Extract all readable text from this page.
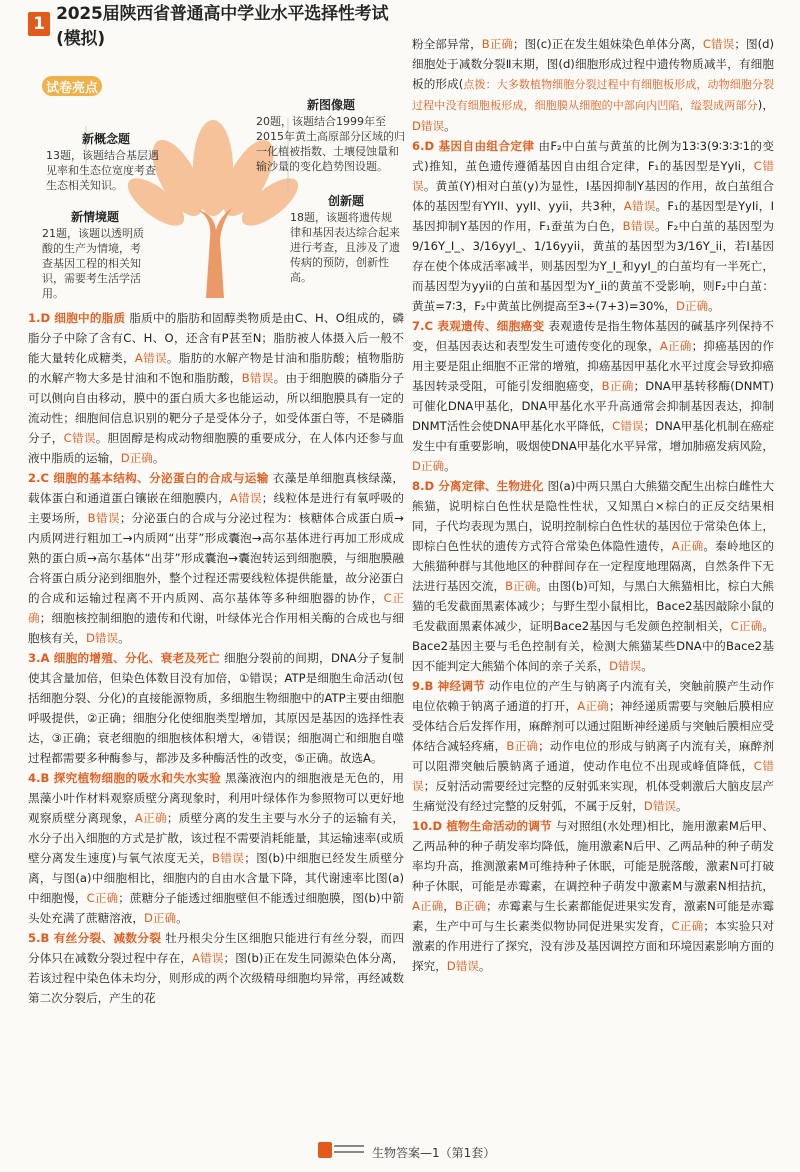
1 2025届陕西省普通高中学业水平选择性考试(模拟)
试卷亮点
新概念题
13题，该题结合基层遇见率和生态位宽度考查生态相关知识。
新情境题
21题，该题以透明质酸的生产为情境，考查基因工程的相关知识，需要考生活学活用。
新图像题
20题，该题结合1999年至2015年黄土高原部分区域的归一化植被指数、土壤侵蚀量和输沙量的变化趋势图设题。
创新题
18题，该题将遗传规律和基因表达综合起来进行考查，且涉及了遗传病的预防，创新性高。
1.D 细胞中的脂质 脂质中的脂肪和固醇类物质是由C、H、O组成的，磷脂分子中除了含有C、H、O，还含有P甚至N；脂肪被人体摄入后一般不能大量转化成糖类，A错误。脂肪的水解产物是甘油和脂肪酸；植物脂肪的水解产物大多是甘油和不饱和脂肪酸，B错误。由于细胞膜的磷脂分子可以侧向自由移动，膜中的蛋白质大多也能运动，所以细胞膜具有一定的流动性；细胞间信息识别的靶分子是受体分子，如受体蛋白等，不是磷脂分子，C错误。胆固醇是构成动物细胞膜的重要成分，在人体内还参与血液中脂质的运输，D正确。
2.C 细胞的基本结构、分泌蛋白的合成与运输 衣藻是单细胞真核绿藻，载体蛋白和通道蛋白镶嵌在细胞膜内，A错误；线粒体是进行有氧呼吸的主要场所，B错误；分泌蛋白的合成与分泌过程为：核糖体合成蛋白质→内质网进行粗加工→内质网“出芽”形成囊泡→高尔基体进行再加工形成成熟的蛋白质→高尔基体“出芽”形成囊泡→囊泡转运到细胞膜，与细胞膜融合将蛋白质分泌到细胞外，整个过程还需要线粒体提供能量，故分泌蛋白的合成和运输过程离不开内质网、高尔基体等多种细胞器的协作，C正确；细胞核控制细胞的遗传和代谢，叶绿体光合作用相关酶的合成也与细胞核有关，D错误。
3.A 细胞的增殖、分化、衰老及死亡 细胞分裂前的间期，DNA分子复制使其含量加倍，但染色体数目没有加倍，①错误；ATP是细胞生命活动(包括细胞分裂、分化)的直接能源物质，多细胞生物细胞中的ATP主要由细胞呼吸提供，②正确；细胞分化使细胞类型增加，其原因是基因的选择性表达，③正确；衰老细胞的细胞核体积增大，④错误；细胞凋亡和细胞自噬过程都需要多种酶参与，都涉及多种酶活性的改变，⑤正确。故选A。
4.B 探究植物细胞的吸水和失水实验 黑藻液泡内的细胞液是无色的，用黑藻小叶作材料观察质壁分离现象时，利用叶绿体作为参照物可以更好地观察质壁分离现象，A正确；质壁分离的发生主要与水分子的运输有关，水分子出入细胞的方式是扩散，该过程不需要消耗能量，其运输速率(或质壁分离发生速度)与氧气浓度无关，B错误；图(b)中细胞已经发生质壁分离，与图(a)中细胞相比，细胞内的自由水含量下降，其代谢速率比图(a)中细胞慢，C正确；蔗糖分子能透过细胞壁但不能透过细胞膜，图(b)中箭头处充满了蔗糖溶液，D正确。
5.B 有丝分裂、减数分裂 牡丹根尖分生区细胞只能进行有丝分裂，而四分体只在减数分裂过程中存在，A错误；图(b)正在发生同源染色体分离，若该过程中染色体未均分，则形成的两个次级精母细胞均异常，再经减数第二次分裂后，产生的花
粉全部异常，B正确；图(c)正在发生姐妹染色单体分离，C错误；图(d)细胞处于减数分裂Ⅱ末期，图(d)细胞形成过程中遗传物质减半，有细胞板的形成(点拨：大多数植物细胞分裂过程中有细胞板形成，动物细胞分裂过程中没有细胞板形成，细胞膜从细胞的中部向内凹陷，缢裂成两部分)，D错误。
6.D 基因自由组合定律 由F₂中白茧与黄茧的比例为13∶3(9∶3∶3∶1的变式)推知，茧色遗传遵循基因自由组合定律，F₁的基因型是YyIi，C错误。黄茧(Y)相对白茧(y)为显性，I基因抑制Y基因的作用，故白茧组合体的基因型有YYII、yyII、yyii，共3种，A错误。F₁的基因型是YyIi，I基因抑制Y基因的作用，F₁蚕茧为白色，B错误。F₂中白茧的基因型为9/16Y_I_、3/16yyI_、1/16yyii，黄茧的基因型为3/16Y_ii，若I基因存在使个体成活率减半，则基因型为Y_I_和yyI_的白茧均有一半死亡，而基因型为yyii的白茧和基因型为Y_ii的黄茧不受影响，则F₂中白茧：黄茧=7∶3，F₂中黄茧比例提高至3÷(7+3)=30%，D正确。
7.C 表观遗传、细胞癌变 表观遗传是指生物体基因的碱基序列保持不变，但基因表达和表型发生可遗传变化的现象，A正确；抑癌基因的作用主要是阻止细胞不正常的增殖，抑癌基因甲基化水平过度会导致抑癌基因转录受阻，可能引发细胞癌变，B正确；DNA甲基转移酶(DNMT)可催化DNA甲基化，DNA甲基化水平升高通常会抑制基因表达，抑制DNMT活性会使DNA甲基化水平降低，C错误；DNA甲基化机制在癌症发生中有重要影响，吸烟使DNA甲基化水平异常，增加肺癌发病风险，D正确。
8.D 分离定律、生物进化 图(a)中两只黑白大熊猫交配生出棕白雌性大熊猫，说明棕白色性状是隐性性状，又知黑白×棕白的正反交结果相同，子代均表现为黑白，说明控制棕白色性状的基因位于常染色体上，即棕白色性状的遗传方式符合常染色体隐性遗传，A正确。秦岭地区的大熊猫种群与其他地区的种群间存在一定程度地理隔离，自然条件下无法进行基因交流，B正确。由图(b)可知，与黑白大熊猫相比，棕白大熊猫的毛发截面黑素体减少；与野生型小鼠相比，Bace2基因敲除小鼠的毛发截面黑素体减少，证明Bace2基因与毛发颜色控制相关，C正确。Bace2基因主要与毛色控制有关，检测大熊猫某些DNA中的Bace2基因不能判定大熊猫个体间的亲子关系，D错误。
9.B 神经调节 动作电位的产生与钠离子内流有关，突触前膜产生动作电位依赖于钠离子通道的打开，A正确；神经递质需要与突触后膜相应受体结合后发挥作用，麻醉剂可以通过阻断神经递质与突触后膜相应受体结合减轻疼痛，B正确；动作电位的形成与钠离子内流有关，麻醉剂可以阻滞突触后膜钠离子通道，使动作电位不出现或峰值降低，C错误；反射活动需要经过完整的反射弧来实现，机体受刺激后大脑皮层产生痛觉没有经过完整的反射弧，不属于反射，D错误。
10.D 植物生命活动的调节 与对照组(水处理)相比，施用激素M后甲、乙两品种的种子萌发率均降低，施用激素N后甲、乙两品种的种子萌发率均升高，推测激素M可维持种子休眠，可能是脱落酸，激素N可打破种子休眠，可能是赤霉素，在调控种子萌发中激素M与激素N相拮抗，A正确，B正确；赤霉素与生长素都能促进果实发育，激素N可能是赤霉素，生产中可与生长素类似物协同促进果实发育，C正确；本实验只对激素的作用进行了探究，没有涉及基因调控方面和环境因素影响方面的探究，D错误。
生物答案—1（第1套）
